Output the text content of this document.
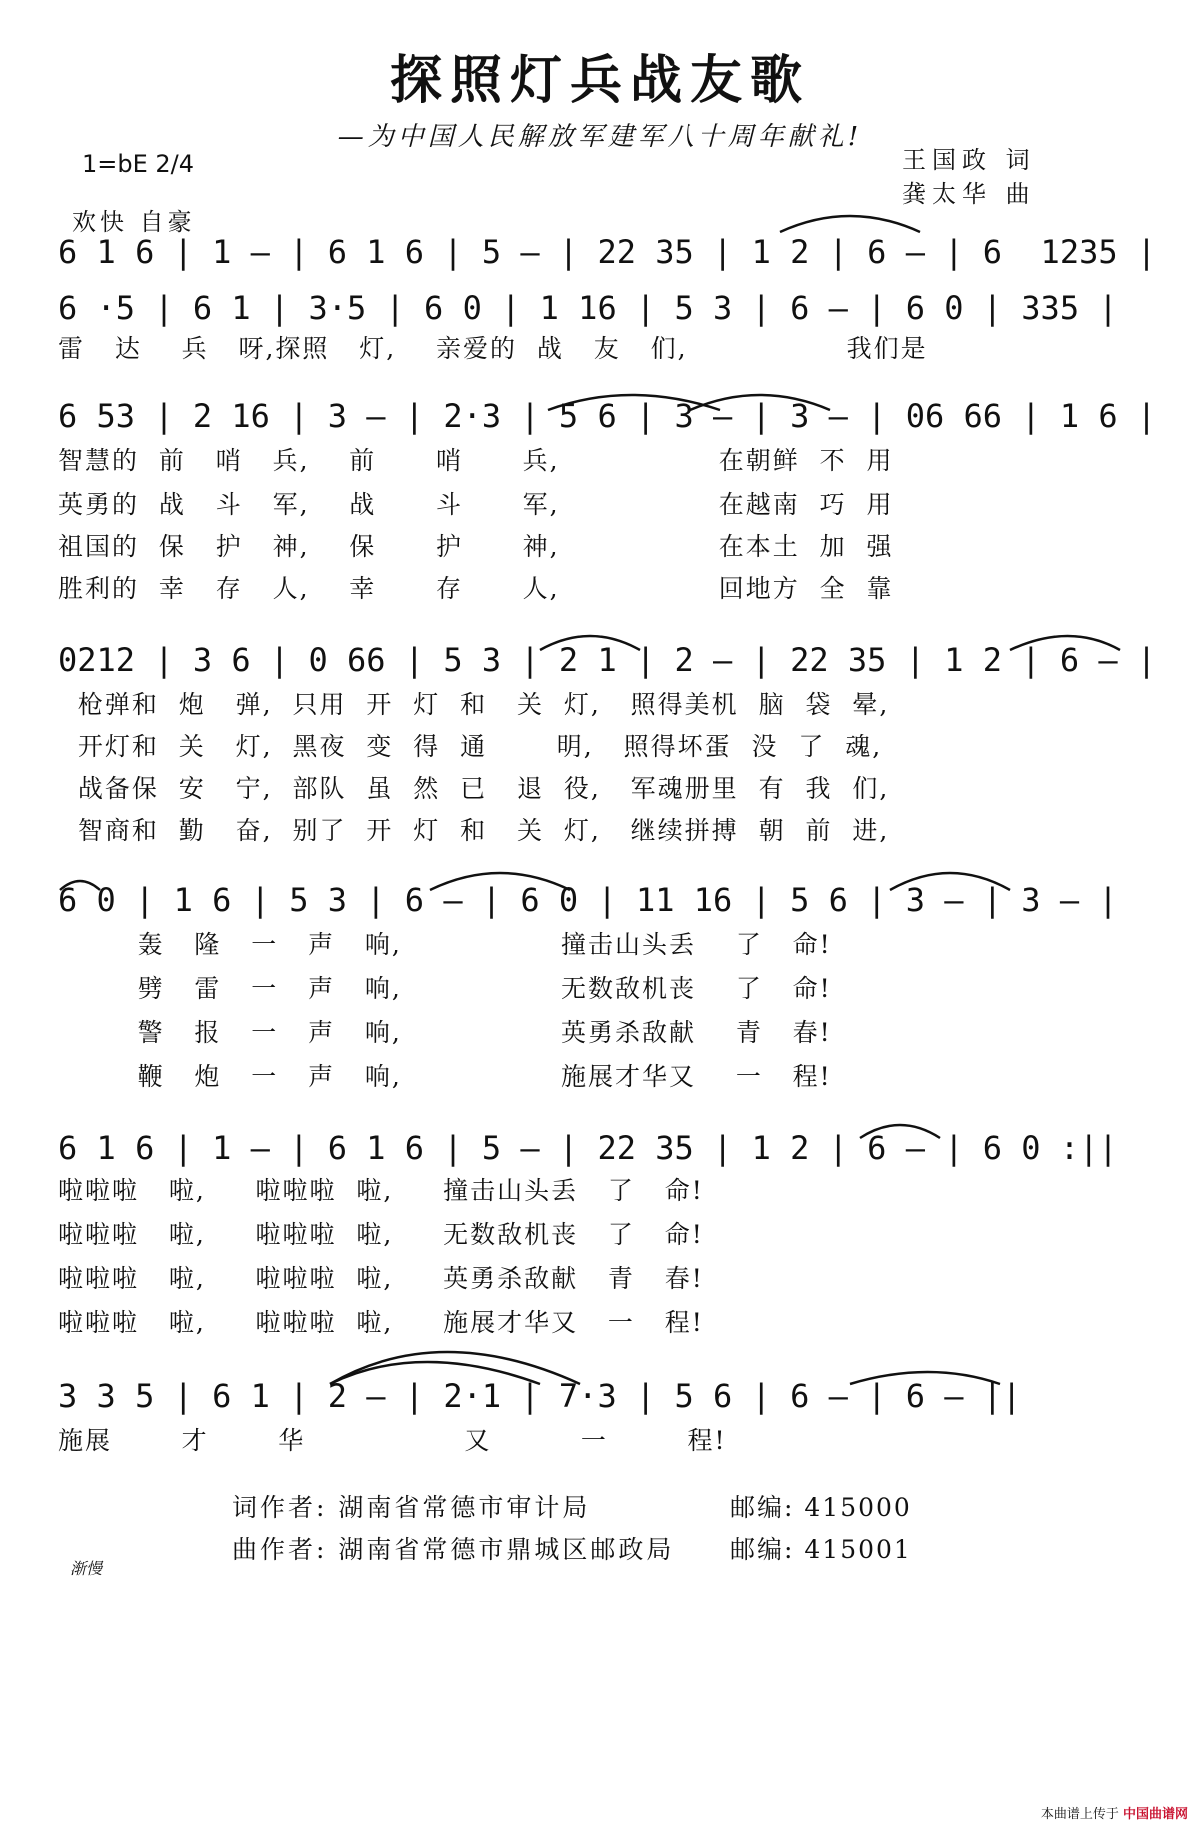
探照灯兵战友歌
—为中国人民解放军建军八十周年献礼!
1=bE 2/4
欢快 自豪
王国政 词
龚太华 曲
6 1 6 | 1 — | 6 1 6 | 5 — | 22 35 | 1 2 | 6 — | 6  1235 |
6 ·5 | 6 1 | 3·5 | 6 0 | 1 16 | 5 3 | 6 — | 6 0 | 335 |
雷   达    兵   呀,探照   灯,    亲爱的  战   友   们,                我们是
6 53 | 2 16 | 3 — | 2·3 | 5 6 | 3 — | 3 — | 06 66 | 1 6 |
智慧的  前   哨   兵,    前      哨      兵,                在朝鲜  不  用
英勇的  战   斗   军,    战      斗      军,                在越南  巧  用
祖国的  保   护   神,    保      护      神,                在本土  加  强
胜利的  幸   存   人,    幸      存      人,                回地方  全  靠
0212 | 3 6 | 0 66 | 5 3 | 2 1 | 2 — | 22 35 | 1 2 | 6 — |
枪弹和  炮   弹,  只用  开  灯  和   关  灯,   照得美机  脑  袋  晕,
开灯和  关   灯,  黑夜  变  得  通       明,   照得坏蛋  没  了  魂,
战备保  安   宁,  部队  虽  然  已   退  役,   军魂册里  有  我  们,
智商和  勤   奋,  别了  开  灯  和   关  灯,   继续拼搏  朝  前  进,
6 0 | 1 6 | 5 3 | 6 — | 6 0 | 11 16 | 5 6 | 3 — | 3 — |
轰   隆   一   声   响,                撞击山头丢    了   命!
劈   雷   一   声   响,                无数敌机丧    了   命!
警   报   一   声   响,                英勇杀敌献    青   春!
鞭   炮   一   声   响,                施展才华又    一   程!
6 1 6 | 1 — | 6 1 6 | 5 — | 22 35 | 1 2 | 6 — | 6 0 :||
啦啦啦   啦,     啦啦啦  啦,     撞击山头丢   了   命!
啦啦啦   啦,     啦啦啦  啦,     无数敌机丧   了   命!
啦啦啦   啦,     啦啦啦  啦,     英勇杀敌献   青   春!
啦啦啦   啦,     啦啦啦  啦,     施展才华又   一   程!
渐慢
3 3 5 | 6 1 | 2 — | 2·1 | 7·3 | 5 6 | 6 — | 6 — ||
施展       才       华                又         一        程!
词作者: 湖南省常德市审计局	邮编: 415000
曲作者: 湖南省常德市鼎城区邮政局 邮编: 415001
本曲谱上传于 中国曲谱网
